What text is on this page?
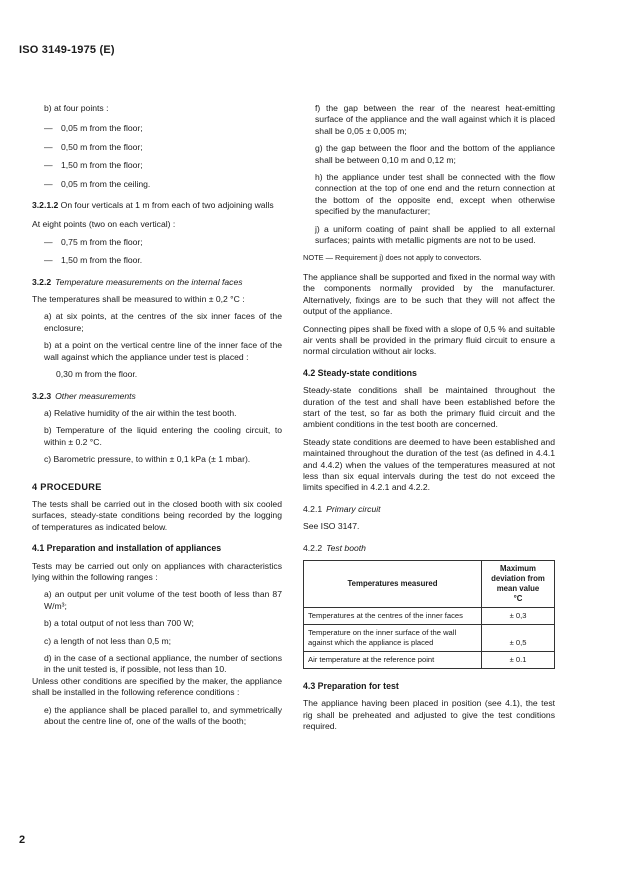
ISO 3149-1975 (E)

b) at four points :

— 0,05 m from the floor;
— 0,50 m from the floor;
— 1,50 m from the floor;
— 0,05 m from the ceiling.

3.2.1.2 On four verticals at 1 m from each of two adjoining walls

At eight points (two on each vertical) :

— 0,75 m from the floor;
— 1,50 m from the floor.
3.2.2 Temperature measurements on the internal faces

The temperatures shall be measured to within ± 0,2 °C :

a) at six points, at the centres of the six inner faces of the enclosure;

b) at a point on the vertical centre line of the inner face of the wall against which the appliance under test is placed :

0,30 m from the floor.

3.2.3 Other measurements

a) Relative humidity of the air within the test booth.

b) Temperature of the liquid entering the cooling circuit, to within ± 0.2 °C.

c) Barometric pressure, to within ± 0,1 kPa (± 1 mbar).

4 PROCEDURE

The tests shall be carried out in the closed booth with six cooled surfaces, steady-state conditions being recorded by the logging of temperatures as indicated below.

4.1 Preparation and installation of appliances

Tests may be carried out only on appliances with characteristics lying within the following ranges :

a) an output per unit volume of the test booth of less than 87 W/m³;

b) a total output of not less than 700 W;

c) a length of not less than 0,5 m;

d) in the case of a sectional appliance, the number of sections in the unit tested is, if possible, not less than 10.

Unless other conditions are specified by the maker, the appliance shall be installed in the following reference conditions :

e) the appliance shall be placed parallel to, and symmetrically about the centre line of, one of the walls of the booth;

f) the gap between the rear of the nearest heat-emitting surface of the appliance and the wall against which it is placed shall be 0,05 ± 0,005 m;

g) the gap between the floor and the bottom of the appliance shall be between 0,10 m and 0,12 m;

h) the appliance under test shall be connected with the flow connection at the top of one end and the return connection at the bottom of the opposite end, except when otherwise specified by the manufacturer;

j) a uniform coating of paint shall be applied to all external surfaces; paints with metallic pigments are not to be used.

NOTE — Requirement j) does not apply to convectors.

The appliance shall be supported and fixed in the normal way with the components normally provided by the manufacturer. Alternatively, fixings are to be such that they will not affect the output of the appliance.

Connecting pipes shall be fixed with a slope of 0,5 % and suitable air vents shall be provided in the primary fluid circuit to ensure a normal circulation without air locks.

4.2 Steady-state conditions

Steady-state conditions shall be maintained throughout the duration of the test and shall have been established before the start of the test, so far as both the primary fluid circuit and the ambient conditions in the test booth are concerned.

Steady state conditions are deemed to have been established and maintained throughout the duration of the test (as defined in 4.4.1 and 4.4.2) when the values of the temperatures measured at not less than six equal intervals during the test do not exceed the limits specified in 4.2.1 and 4.2.2.

4.2.1 Primary circuit

See ISO 3147.

4.2.2 Test booth
Temperatures measured	Maximum
deviation from
mean value
°C

Temperatures at the centres of the inner faces	± 0,3
Temperature on the inner surface of the wall against which the appliance is placed	± 0,5
Air temperature at the reference point	± 0.1
4.3 Preparation for test

The appliance having been placed in position (see 4.1), the test rig shall be preheated and adjusted to give the test conditions required.

2
